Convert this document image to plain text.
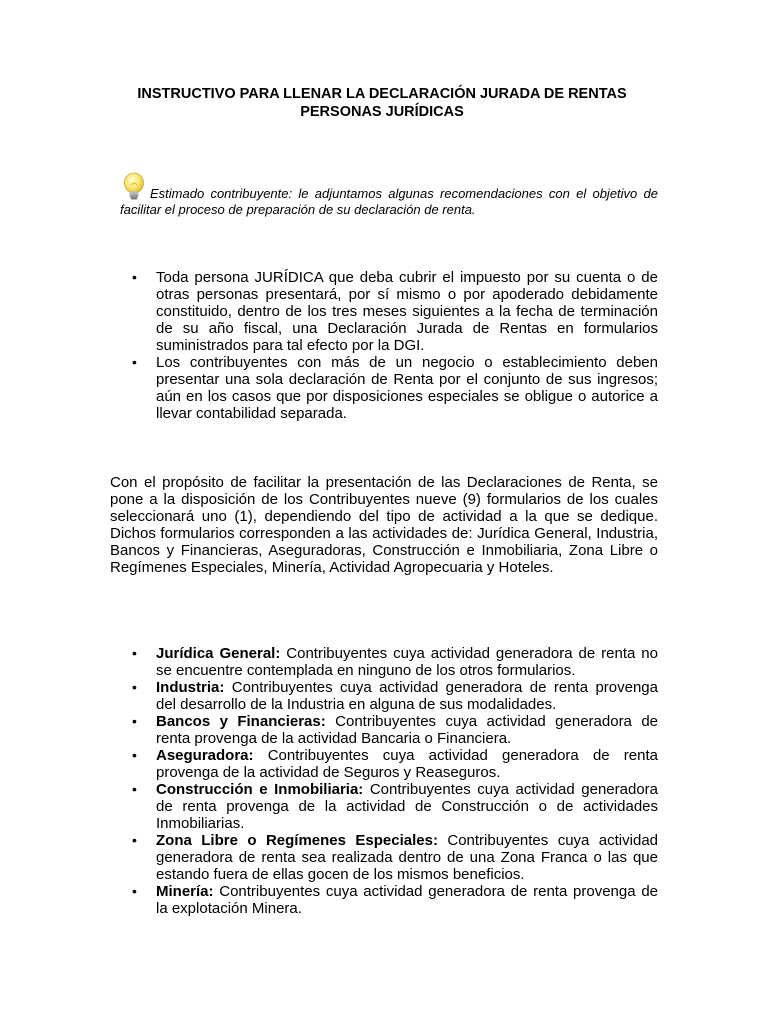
INSTRUCTIVO PARA LLENAR LA DECLARACIÓN JURADA DE RENTAS
PERSONAS JURÍDICAS
Estimado contribuyente: le adjuntamos algunas recomendaciones con el objetivo de facilitar el proceso de preparación de su declaración de renta.
• Toda persona JURÍDICA que deba cubrir el impuesto por su cuenta o de otras personas presentará, por sí mismo o por apoderado debidamente constituido, dentro de los tres meses siguientes a la fecha de terminación de su año fiscal, una Declaración Jurada de Rentas en formularios suministrados para tal efecto por la DGI.
• Los contribuyentes con más de un negocio o establecimiento deben presentar una sola declaración de Renta por el conjunto de sus ingresos; aún en los casos que por disposiciones especiales se obligue o autorice a llevar contabilidad separada.

Con el propósito de facilitar la presentación de las Declaraciones de Renta, se pone a la disposición de los Contribuyentes nueve (9) formularios de los cuales seleccionará uno (1), dependiendo del tipo de actividad a la que se dedique. Dichos formularios corresponden a las actividades de: Jurídica General, Industria, Bancos y Financieras, Aseguradoras, Construcción e Inmobiliaria, Zona Libre o Regímenes Especiales, Minería, Actividad Agropecuaria y Hoteles.

• Jurídica General: Contribuyentes cuya actividad generadora de renta no se encuentre contemplada en ninguno de los otros formularios.
• Industria: Contribuyentes cuya actividad generadora de renta provenga del desarrollo de la Industria en alguna de sus modalidades.
• Bancos y Financieras: Contribuyentes cuya actividad generadora de renta provenga de la actividad Bancaria o Financiera.
• Aseguradora: Contribuyentes cuya actividad generadora de renta provenga de la actividad de Seguros y Reaseguros.
• Construcción e Inmobiliaria: Contribuyentes cuya actividad generadora de renta provenga de la actividad de Construcción o de actividades Inmobiliarias.
• Zona Libre o Regímenes Especiales: Contribuyentes cuya actividad generadora de renta sea realizada dentro de una Zona Franca o las que estando fuera de ellas gocen de los mismos beneficios.
• Minería: Contribuyentes cuya actividad generadora de renta provenga de la explotación Minera.
